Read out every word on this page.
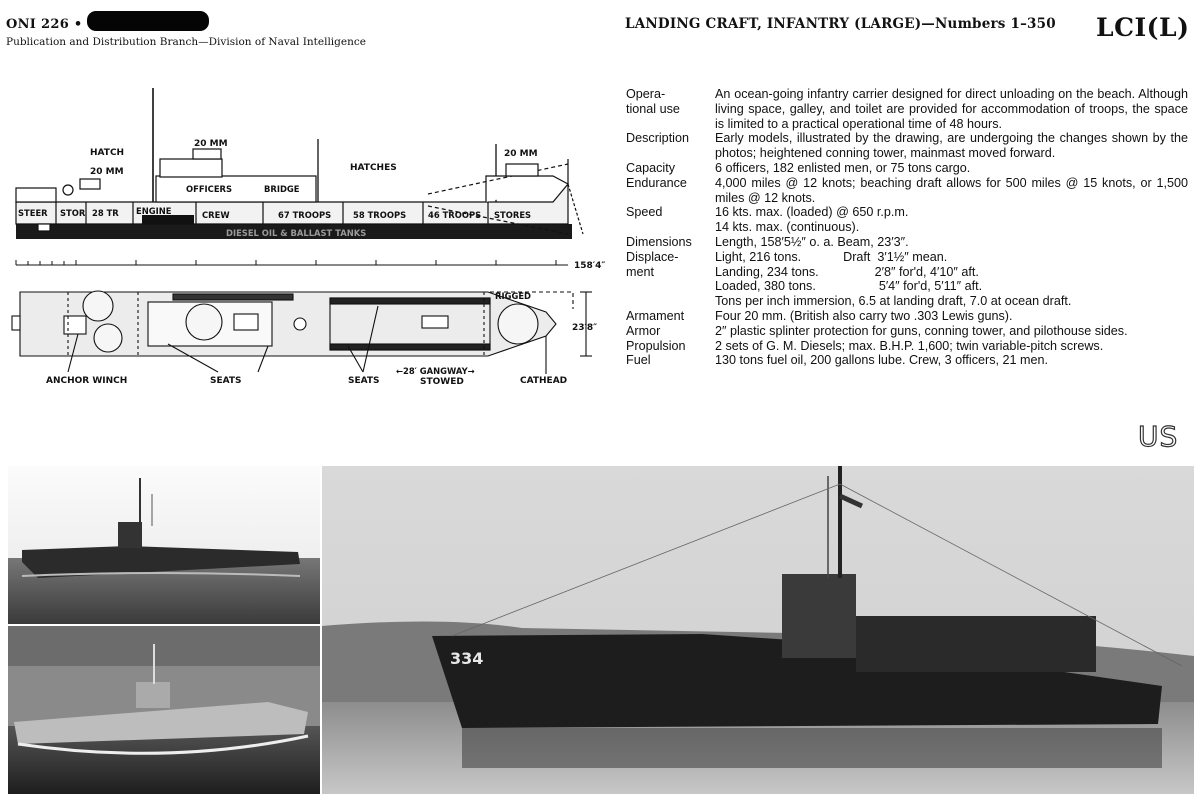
ONI 226 •
Publication and Distribution Branch—Division of Naval Intelligence
LANDING CRAFT, INFANTRY (LARGE)—Numbers 1–350 LCI(L)
HATCH
20 MM
20 MM
20 MM
HATCHES
OFFICERS	BRIDGE
STEER STOR 28 TR ENGINE	CREW	67 TROOPS	58 TROOPS	46 TROOPS STORES
DIESEL OIL & BALLAST TANKS
158′4″
RIGGED
23′8″
ANCHOR WINCH	SEATS	SEATS
←28′ GANGWAY→
STOWED	CATHEAD
Opera-
tional use
An ocean-going infantry carrier designed for direct unloading on the beach. Although living space, galley, and toilet are provided for accommodation of troops, the space is limited to a practical operational time of 48 hours.
Description	Early models, illustrated by the drawing, are undergoing the changes shown by the photos; heightened conning tower, mainmast moved forward.
Capacity	6 officers, 182 enlisted men, or 75 tons cargo.
Endurance	4,000 miles @ 12 knots; beaching draft allows for 500 miles @ 15 knots, or 1,500 miles @ 12 knots.
Speed	16 kts. max. (loaded) @ 650 r.p.m.
14 kts. max. (continuous).
Dimensions	Length, 158′5½″ o. a. Beam, 23′3″.
Displace-
ment
Light, 216 tons.            Draft  3′1½″ mean.
Landing, 234 tons.                2′8″ for'd, 4′10″ aft.
Loaded, 380 tons.                  5′4″ for'd, 5′11″ aft.
Tons per inch immersion, 6.5 at landing draft, 7.0 at ocean draft.
Armament	Four 20 mm. (British also carry two .303 Lewis guns).
Armor	2″ plastic splinter protection for guns, conning tower, and pilothouse sides.
Propulsion	2 sets of G. M. Diesels; max. B.H.P. 1,600; twin variable-pitch screws.
Fuel	130 tons fuel oil, 200 gallons lube. Crew, 3 officers, 21 men.
US
334
